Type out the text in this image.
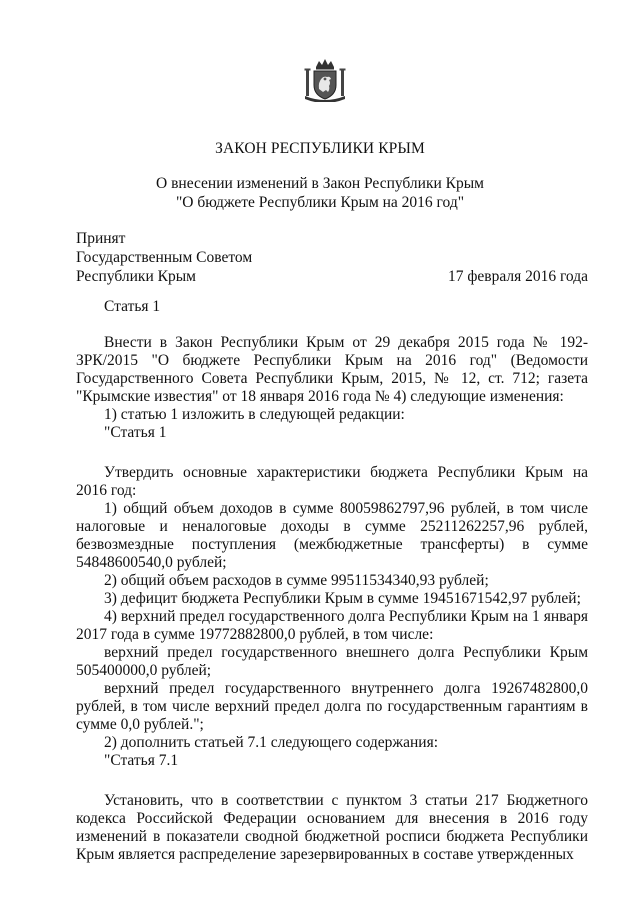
ЗАКОН РЕСПУБЛИКИ КРЫМ
О внесении изменений в Закон Республики Крым
"О бюджете Республики Крым на 2016 год"
Принят
Государственным Советом
Республики Крым	17 февраля 2016 года
Статья 1

Внести в Закон Республики Крым от 29 декабря 2015 года № 192-ЗРК/2015 "О бюджете Республики Крым на 2016 год" (Ведомости Государственного Совета Республики Крым, 2015, № 12, ст. 712; газета "Крымские известия" от 18 января 2016 года № 4) следующие изменения:

1) статью 1 изложить в следующей редакции:

"Статья 1

Утвердить основные характеристики бюджета Республики Крым на 2016 год:

1) общий объем доходов в сумме 80059862797,96 рублей, в том числе налоговые и неналоговые доходы в сумме 25211262257,96 рублей, безвозмездные поступления (межбюджетные трансферты) в сумме 54848600540,0 рублей;

2) общий объем расходов в сумме 99511534340,93 рублей;

3) дефицит бюджета Республики Крым в сумме 19451671542,97 рублей;

4) верхний предел государственного долга Республики Крым на 1 января 2017 года в сумме 19772882800,0 рублей, в том числе:

верхний предел государственного внешнего долга Республики Крым 505400000,0 рублей;

верхний предел государственного внутреннего долга 19267482800,0 рублей, в том числе верхний предел долга по государственным гарантиям в сумме 0,0 рублей.";

2) дополнить статьей 7.1 следующего содержания:

"Статья 7.1

Установить, что в соответствии с пунктом 3 статьи 217 Бюджетного кодекса Российской Федерации основанием для внесения в 2016 году изменений в показатели сводной бюджетной росписи бюджета Республики Крым является распределение зарезервированных в составе утвержденных
